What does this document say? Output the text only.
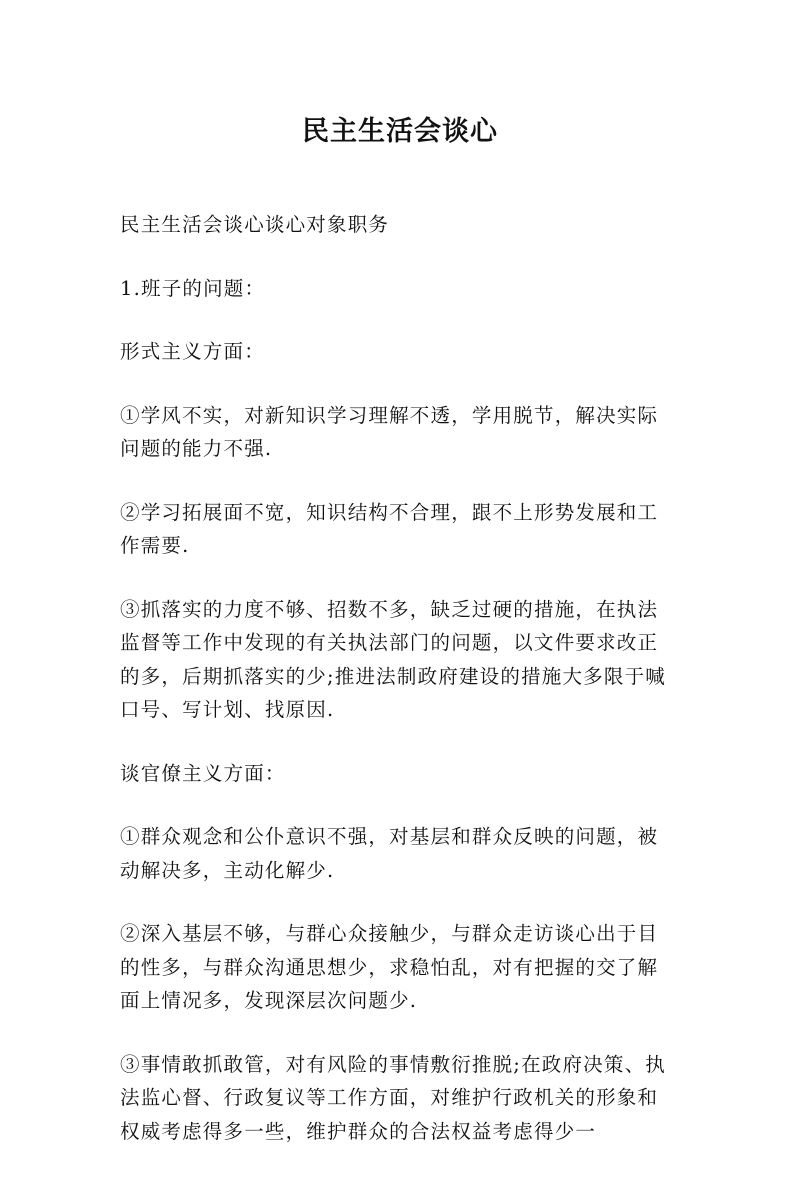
民主生活会谈心

民主生活会谈心谈心对象职务

1.班子的问题：

形式主义方面：

①学风不实，对新知识学习理解不透，学用脱节，解决实际问题的能力不强.

②学习拓展面不宽，知识结构不合理，跟不上形势发展和工作需要.

③抓落实的力度不够、招数不多，缺乏过硬的措施，在执法监督等工作中发现的有关执法部门的问题，以文件要求改正的多，后期抓落实的少;推进法制政府建设的措施大多限于喊口号、写计划、找原因.

谈官僚主义方面：

①群众观念和公仆意识不强，对基层和群众反映的问题，被动解决多，主动化解少.

②深入基层不够，与群心众接触少，与群众走访谈心出于目的性多，与群众沟通思想少，求稳怕乱，对有把握的交了解面上情况多，发现深层次问题少.

③事情敢抓敢管，对有风险的事情敷衍推脱;在政府决策、执法监心督、行政复议等工作方面，对维护行政机关的形象和权威考虑得多一些，维护群众的合法权益考虑得少一
